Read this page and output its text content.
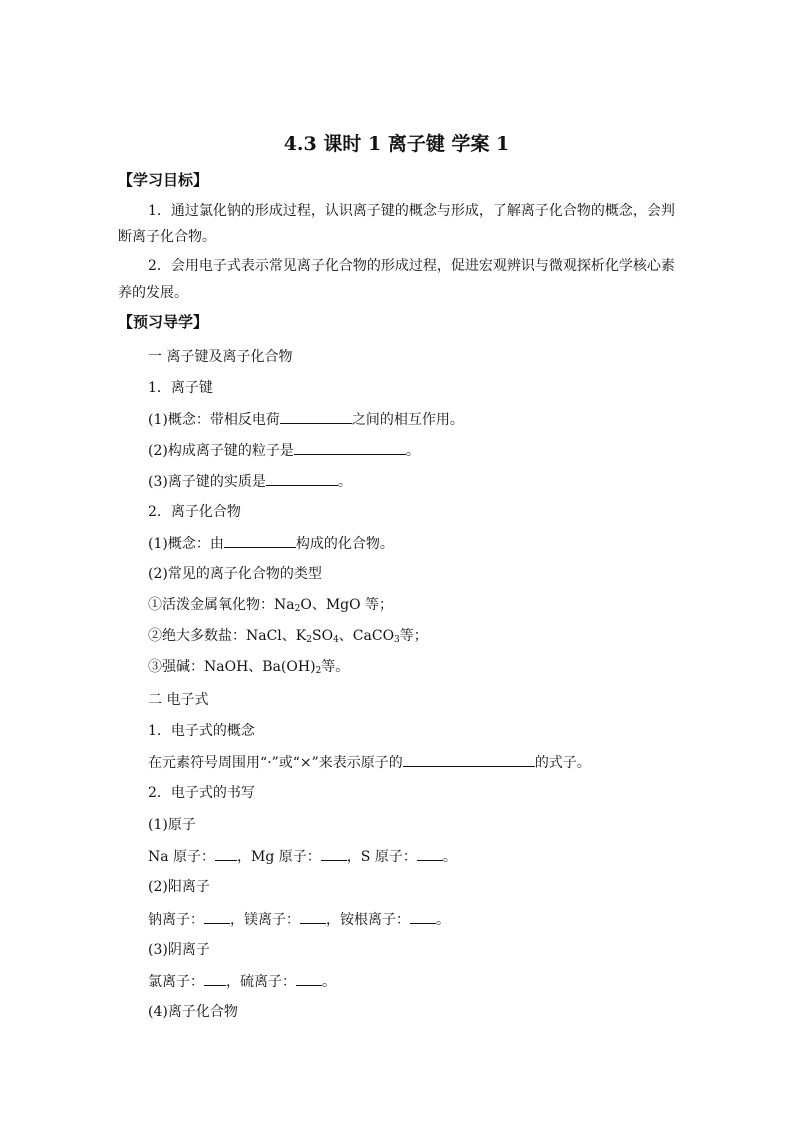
4.3 课时 1 离子键 学案 1
【学习目标】
1．通过氯化钠的形成过程，认识离子键的概念与形成，了解离子化合物的概念，会判
断离子化合物。
2．会用电子式表示常见离子化合物的形成过程，促进宏观辨识与微观探析化学核心素
养的发展。
【预习导学】
一 离子键及离子化合物
1．离子键
(1)概念：带相反电荷	之间的相互作用。
(2)构成离子键的粒子是	。
(3)离子键的实质是	。
2．离子化合物
(1)概念：由	构成的化合物。
(2)常见的离子化合物的类型
①活泼金属氧化物：$Na_2O$、MgO 等；
②绝大多数盐：NaCl、$K_2SO_4$、CaCO$_3$等；
③强碱：NaOH、$Ba(OH)_2$等。
二 电子式
1．电子式的概念
在元素符号周围用“·”或“×”来表示原子的	的式子。
2．电子式的书写
(1)原子
Na 原子： ，Mg 原子： ，S 原子： 。
(2)阳离子
钠离子： ，镁离子： ，铵根离子： 。
(3)阴离子
氯离子： ，硫离子： 。
(4)离子化合物
